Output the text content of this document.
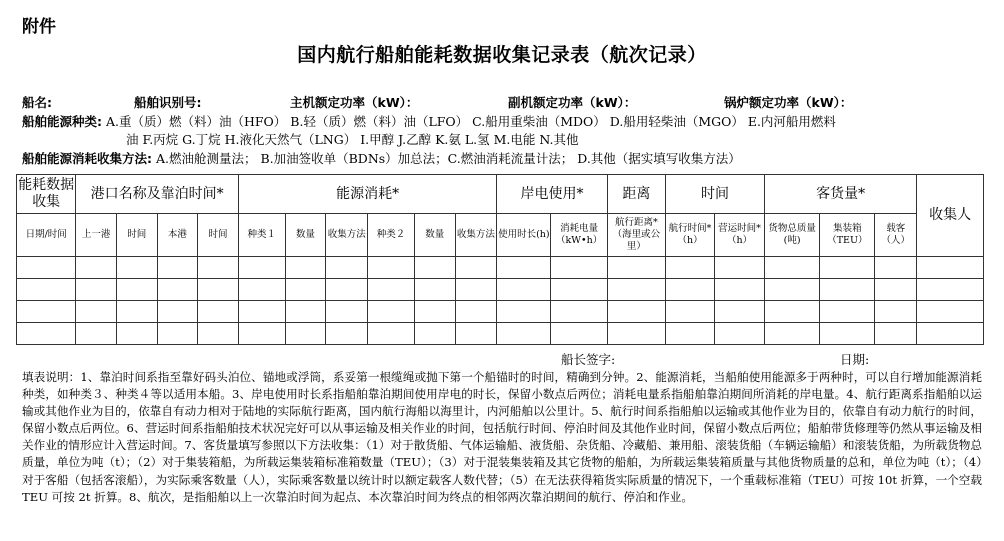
附件
国内航行船舶能耗数据收集记录表（航次记录）
船名:	船舶识别号:	主机额定功率（kW）：	副机额定功率（kW）：	锅炉额定功率（kW）：
船舶能源种类: A.重（质）燃（料）油（HFO） B.轻（质）燃（料）油（LFO） C.船用重柴油（MDO） D.船用轻柴油（MGO） E.内河船用燃料
油 F.丙烷 G.丁烷 H.液化天然气（LNG） I.甲醇 J.乙醇 K.氨 L.氢 M.电能 N.其他
船舶能源消耗收集方法: A.燃油舱测量法； B.加油签收单（BDNs）加总法；C.燃油消耗流量计法； D.其他（据实填写收集方法）
能耗数据收集	港口名称及靠泊时间*				能源消耗*						岸电使用*		距离	时间		客货量*			收集人
日期/时间	上一港	时间	本港	时间	种类１	数量	收集方法	种类２	数量	收集方法	使用时长(h)	消耗电量（kW•h）	航行距离*（海里或公里）	航行时间*（h）	营运时间*（h）	货物总质量(吨)	集装箱（TEU）	载客（人）	

船长签字:	日期:
填表说明：1、靠泊时间系指至靠好码头泊位、锚地或浮筒，系妥第一根缆绳或抛下第一个船锚时的时间，精确到分钟。2、能源消耗，当船舶使用能源多于两种时，可以自行增加能源消耗种类，如种类３、种类４等以适用本船。3、岸电使用时长系指船舶靠泊期间使用岸电的时长，保留小数点后两位；消耗电量系指船舶靠泊期间所消耗的岸电量。4、航行距离系指船舶以运输或其他作业为目的，依靠自有动力相对于陆地的实际航行距离，国内航行海船以海里计，内河船舶以公里计。5、航行时间系指船舶以运输或其他作业为目的，依靠自有动力航行的时间，保留小数点后两位。6、营运时间系指船舶技术状况完好可以从事运输及相关作业的时间，包括航行时间、停泊时间及其他作业时间，保留小数点后两位；船舶带货修理等仍然从事运输及相关作业的情形应计入营运时间。7、客货量填写参照以下方法收集：（1）对于散货船、气体运输船、液货船、杂货船、冷藏船、兼用船、滚装货船（车辆运输船）和滚装货船，为所载货物总质量，单位为吨（t）；（2）对于集装箱船，为所载运集装箱标准箱数量（TEU）；（3）对于混装集装箱及其它货物的船舶，为所载运集装箱质量与其他货物质量的总和，单位为吨（t）；（4）对于客船（包括客滚船），为实际乘客数量（人），实际乘客数量以统计时以额定载客人数代替；（5）在无法获得箱货实际质量的情况下，一个重载标准箱（TEU）可按 10t 折算，一个空载 TEU 可按 2t 折算。8、航次，是指船舶以上一次靠泊时间为起点、本次靠泊时间为终点的相邻两次靠泊期间的航行、停泊和作业。
